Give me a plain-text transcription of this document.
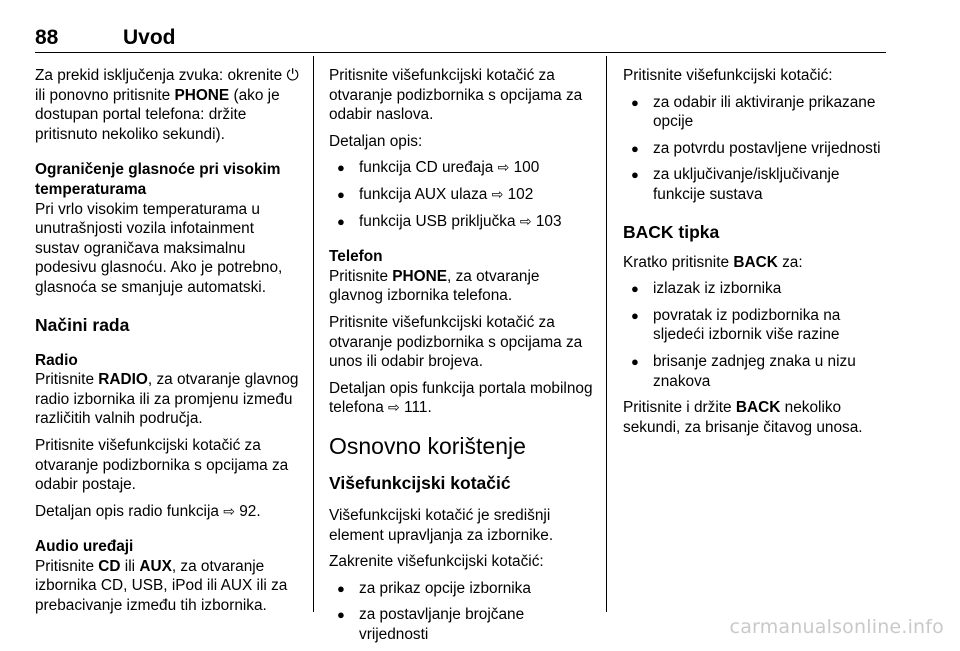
88	Uvod

Za prekid isključenja zvuka: okrenite ⏻ ili ponovno pritisnite PHONE (ako je dostupan portal telefona: držite pritisnuto nekoliko sekundi).

Ograničenje glasnoće pri visokim temperaturama

Pri vrlo visokim temperaturama u unutrašnjosti vozila infotainment sustav ograničava maksimalnu podesivu glasnoću. Ako je potrebno, glasnoća se smanjuje automatski.

Načini rada
Radio

Pritisnite RADIO, za otvaranje glavnog radio izbornika ili za promjenu između različitih valnih područja.

Pritisnite višefunkcijski kotačić za otvaranje podizbornika s opcijama za odabir postaje.

Detaljan opis radio funkcija ⇨ 92.

Audio uređaji

Pritisnite CD ili AUX, za otvaranje izbornika CD, USB, iPod ili AUX ili za prebacivanje između tih izbornika.

Pritisnite višefunkcijski kotačić za otvaranje podizbornika s opcijama za odabir naslova.

Detaljan opis:

● funkcija CD uređaja ⇨ 100
● funkcija AUX ulaza ⇨ 102
● funkcija USB priključka ⇨ 103
Telefon

Pritisnite PHONE, za otvaranje glavnog izbornika telefona.

Pritisnite višefunkcijski kotačić za otvaranje podizbornika s opcijama za unos ili odabir brojeva.

Detaljan opis funkcija portala mobilnog telefona ⇨ 111.

Osnovno korištenje
Višefunkcijski kotačić

Višefunkcijski kotačić je središnji element upravljanja za izbornike.

Zakrenite višefunkcijski kotačić:

● za prikaz opcije izbornika
● za postavljanje brojčane vrijednosti

Pritisnite višefunkcijski kotačić:

● za odabir ili aktiviranje prikazane opcije
● za potvrdu postavljene vrijednosti
● za uključivanje/isključivanje funkcije sustava
BACK tipka

Kratko pritisnite BACK za:

● izlazak iz izbornika
● povratak iz podizbornika na sljedeći izbornik više razine
● brisanje zadnjeg znaka u nizu znakova

Pritisnite i držite BACK nekoliko sekundi, za brisanje čitavog unosa.

carmanualsonline.info
